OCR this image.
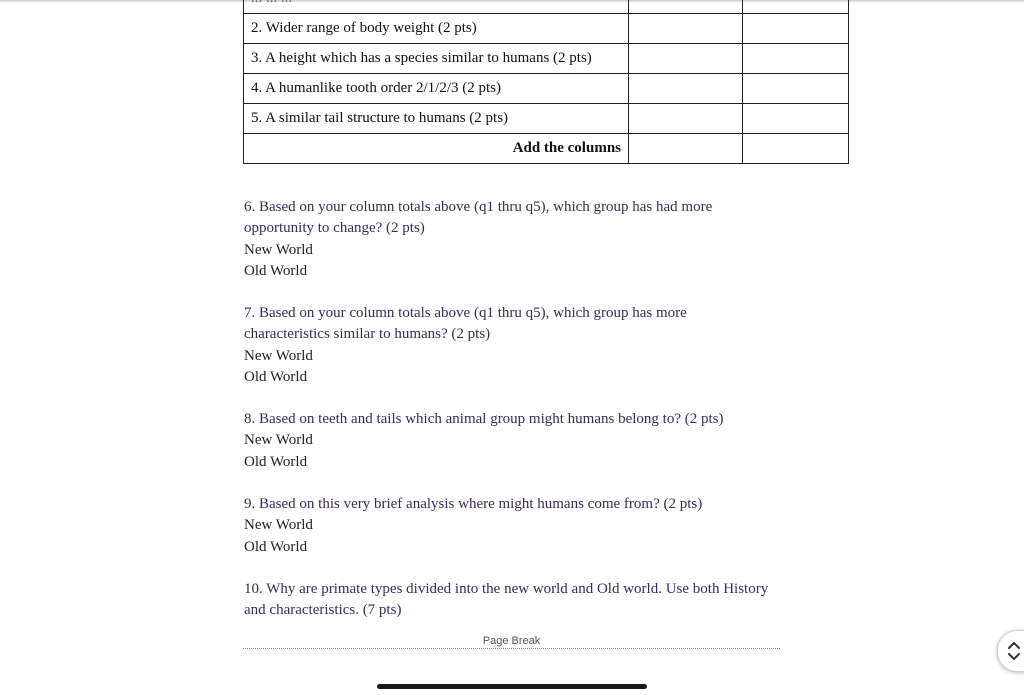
2. Wider range of body weight (2 pts)		
3. A height which has a species similar to humans (2 pts)		
4. A humanlike tooth order 2/1/2/3 (2 pts)		
5. A similar tail structure to humans (2 pts)		
Add the columns		
6. Based on your column totals above (q1 thru q5), which group has had more opportunity to change? (2 pts)
New World
Old World
7. Based on your column totals above (q1 thru q5), which group has more characteristics similar to humans? (2 pts)
New World
Old World
8. Based on teeth and tails which animal group might humans belong to? (2 pts)
New World
Old World
9. Based on this very brief analysis where might humans come from? (2 pts)
New World
Old World
10. Why are primate types divided into the new world and Old world. Use both History and characteristics. (7 pts)
Page Break
